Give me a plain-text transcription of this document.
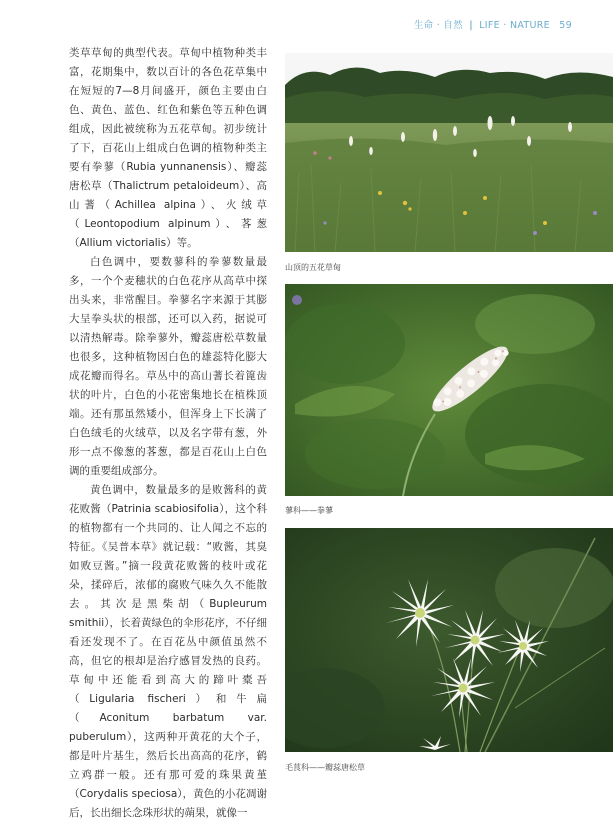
生命 · 自然 | LIFE · NATURE 59

类草草甸的典型代表。草甸中植物种类丰富，花期集中，数以百计的各色花草集中在短短的7—8月间盛开，颜色主要由白色、黄色、蓝色、红色和紫色等五种色调组成，因此被统称为五花草甸。初步统计了下，百花山上组成白色调的植物种类主要有拳蓼（Rubia yunnanensis）、瓣蕊唐松草（Thalictrum petaloideum）、高山蓍（Achillea alpina）、火绒草（Leontopodium alpinum）、茖葱（Allium victorialis）等。

白色调中，要数蓼科的拳蓼数量最多，一个个麦穗状的白色花序从高草中探出头来，非常醒目。拳蓼名字来源于其膨大呈拳头状的根部，还可以入药，据说可以清热解毒。除拳蓼外，瓣蕊唐松草数量也很多，这种植物因白色的雄蕊特化膨大成花瓣而得名。草丛中的高山蓍长着篦齿状的叶片，白色的小花密集地长在植株顶端。还有那虽然矮小，但浑身上下长满了白色绒毛的火绒草，以及名字带有葱，外形一点不像葱的茖葱，都是百花山上白色调的重要组成部分。

黄色调中，数量最多的是败酱科的黄花败酱（Patrinia scabiosifolia），这个科的植物都有一个共同的、让人闻之不忘的特征。《吴普本草》就记载：“败酱，其臭如败豆酱。”摘一段黄花败酱的枝叶或花朵，揉碎后，浓郁的腐败气味久久不能散去。其次是黑柴胡（Bupleurum smithii），长着黄绿色的伞形花序，不仔细看还发现不了。在百花丛中颜值虽然不高，但它的根却是治疗感冒发热的良药。草甸中还能看到高大的蹄叶橐吾（Ligularia fischeri）和牛扁（Aconitum barbatum var. puberulum），这两种开黄花的大个子，都是叶片基生，然后长出高高的花序，鹤立鸡群一般。还有那可爱的珠果黄堇（Corydalis speciosa），黄色的小花凋谢后，长出细长念珠形状的蒴果，就像一

山顶的五花草甸
蓼科——拳蓼
毛茛科——瓣蕊唐松草
